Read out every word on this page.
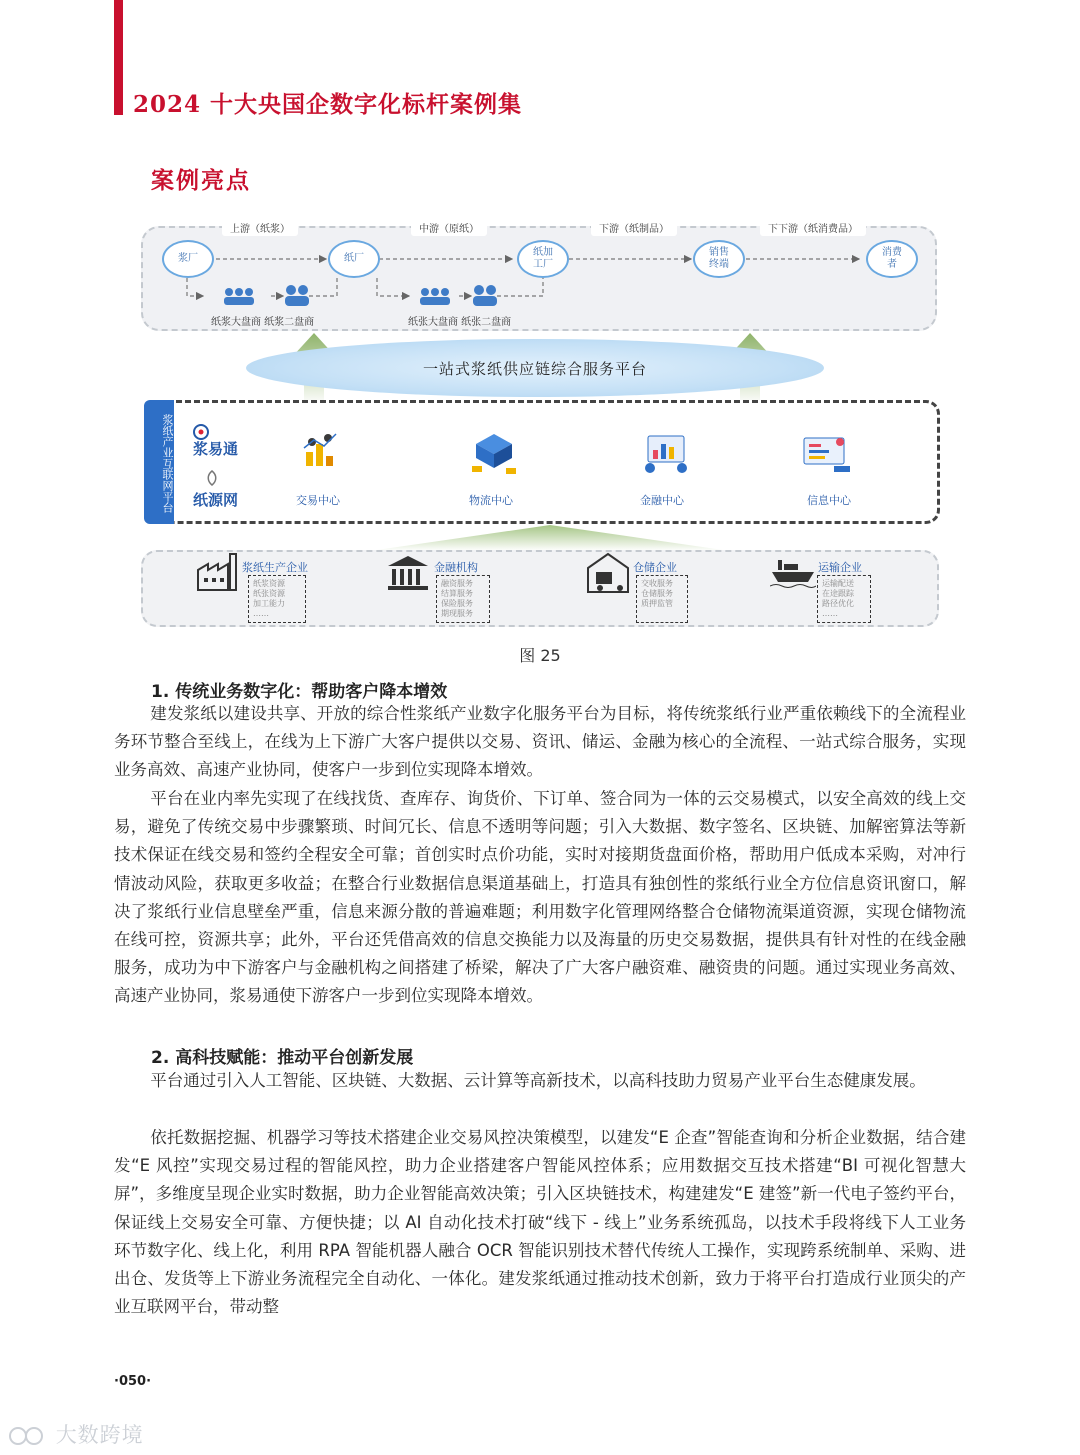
2024 十大央国企数字化标杆案例集
案例亮点
上游（纸浆）	中游（原纸）	下游（纸制品）	下下游（纸消费品）
浆厂	纸厂
纸加
工厂
销售
终端
消费
者
纸浆大盘商 纸浆二盘商	纸张大盘商 纸张二盘商
一站式浆纸供应链综合服务平台
浆纸产业互联网平台 浆易通
纸源网	交易中心	物流中心	金融中心	信息中心
浆纸生产企业
纸浆资源
纸张资源
加工能力
……
金融机构
融资服务
结算服务
保险服务
期现服务
仓储企业
交收服务
仓储服务
质押监管
运输企业
运输配送
在途跟踪
路径优化
……
图 25
1. 传统业务数字化：帮助客户降本增效

建发浆纸以建设共享、开放的综合性浆纸产业数字化服务平台为目标，将传统浆纸行业严重依赖线下的全流程业务环节整合至线上，在线为上下游广大客户提供以交易、资讯、储运、金融为核心的全流程、一站式综合服务，实现业务高效、高速产业协同，使客户一步到位实现降本增效。

平台在业内率先实现了在线找货、查库存、询货价、下订单、签合同为一体的云交易模式，以安全高效的线上交易，避免了传统交易中步骤繁琐、时间冗长、信息不透明等问题；引入大数据、数字签名、区块链、加解密算法等新技术保证在线交易和签约全程安全可靠；首创实时点价功能，实时对接期货盘面价格，帮助用户低成本采购，对冲行情波动风险，获取更多收益；在整合行业数据信息渠道基础上，打造具有独创性的浆纸行业全方位信息资讯窗口，解决了浆纸行业信息壁垒严重，信息来源分散的普遍难题；利用数字化管理网络整合仓储物流渠道资源，实现仓储物流在线可控，资源共享；此外，平台还凭借高效的信息交换能力以及海量的历史交易数据，提供具有针对性的在线金融服务，成功为中下游客户与金融机构之间搭建了桥梁，解决了广大客户融资难、融资贵的问题。通过实现业务高效、高速产业协同，浆易通使下游客户一步到位实现降本增效。

2. 高科技赋能：推动平台创新发展

平台通过引入人工智能、区块链、大数据、云计算等高新技术，以高科技助力贸易产业平台生态健康发展。

依托数据挖掘、机器学习等技术搭建企业交易风控决策模型，以建发“E 企查”智能查询和分析企业数据，结合建发“E 风控”实现交易过程的智能风控，助力企业搭建客户智能风控体系；应用数据交互技术搭建“BI 可视化智慧大屏”，多维度呈现企业实时数据，助力企业智能高效决策；引入区块链技术，构建建发“E 建签”新一代电子签约平台，保证线上交易安全可靠、方便快捷；以 AI 自动化技术打破“线下 - 线上”业务系统孤岛，以技术手段将线下人工业务环节数字化、线上化，利用 RPA 智能机器人融合 OCR 智能识别技术替代传统人工操作，实现跨系统制单、采购、进出仓、发货等上下游业务流程完全自动化、一体化。建发浆纸通过推动技术创新，致力于将平台打造成行业顶尖的产业互联网平台，带动整

·050·
大数跨境
